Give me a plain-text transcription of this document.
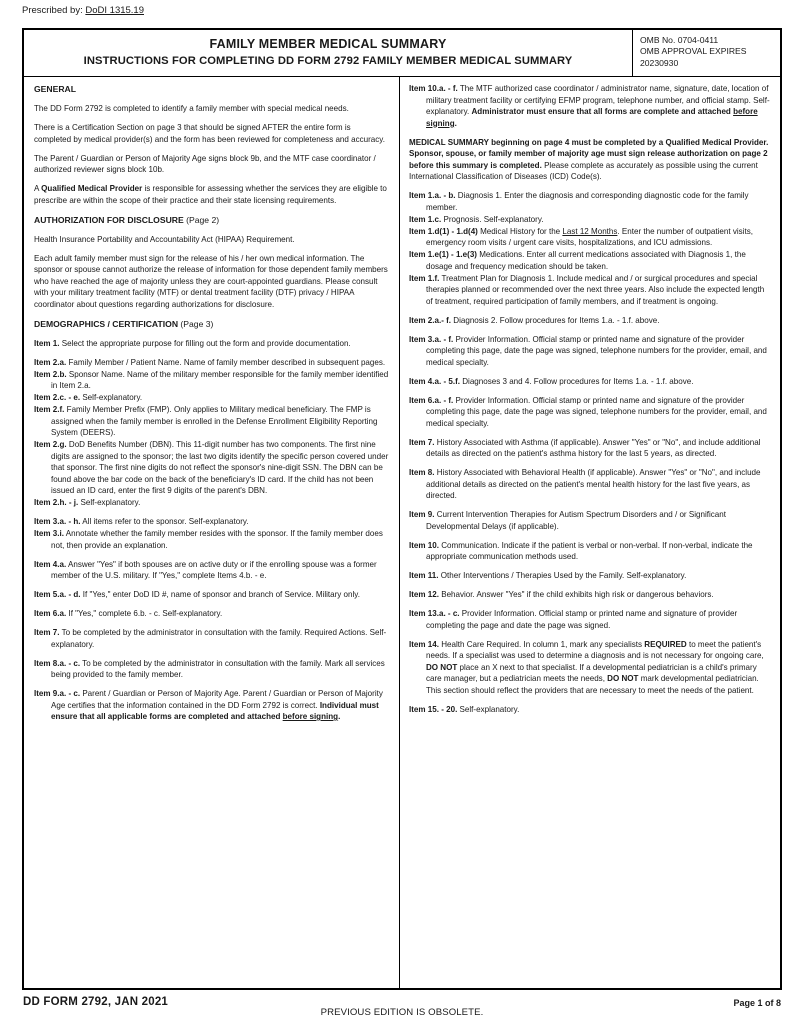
Prescribed by: DoDI 1315.19
FAMILY MEMBER MEDICAL SUMMARY
INSTRUCTIONS FOR COMPLETING DD FORM 2792 FAMILY MEMBER MEDICAL SUMMARY
OMB No. 0704-0411
OMB APPROVAL EXPIRES
20230930
GENERAL

The DD Form 2792 is completed to identify a family member with special medical needs.

There is a Certification Section on page 3 that should be signed AFTER the entire form is completed by medical provider(s) and the form has been reviewed for completeness and accuracy.

The Parent / Guardian or Person of Majority Age signs block 9b, and the MTF case coordinator / authorized reviewer signs block 10b.

A Qualified Medical Provider is responsible for assessing whether the services they are eligible to prescribe are within the scope of their practice and their state licensing requirements.

AUTHORIZATION FOR DISCLOSURE (Page 2)

Health Insurance Portability and Accountability Act (HIPAA) Requirement.

Each adult family member must sign for the release of his / her own medical information. The sponsor or spouse cannot authorize the release of information for those dependent family members who have reached the age of majority unless they are court-appointed guardians. Please consult with your military treatment facility (MTF) or dental treatment facility (DTF) privacy / HIPAA coordinator about questions regarding authorizations for disclosure.

DEMOGRAPHICS / CERTIFICATION (Page 3)

Item 1. Select the appropriate purpose for filling out the form and provide documentation.

Item 2.a. Family Member / Patient Name. Name of family member described in subsequent pages.

Item 2.b. Sponsor Name. Name of the military member responsible for the family member identified in Item 2.a.

Item 2.c. - e. Self-explanatory.

Item 2.f. Family Member Prefix (FMP). Only applies to Military medical beneficiary. The FMP is assigned when the family member is enrolled in the Defense Enrollment Eligibility Reporting System (DEERS).

Item 2.g. DoD Benefits Number (DBN). This 11-digit number has two components. The first nine digits are assigned to the sponsor; the last two digits identify the specific person covered under that sponsor. The first nine digits do not reflect the sponsor's nine-digit SSN. The DBN can be found above the bar code on the back of the beneficiary's ID card. If the child has not been issued an ID card, enter the first 9 digits of the parent's DBN.

Item 2.h. - j. Self-explanatory.

Item 3.a. - h. All items refer to the sponsor. Self-explanatory.

Item 3.i. Annotate whether the family member resides with the sponsor. If the family member does not, then provide an explanation.

Item 4.a. Answer "Yes" if both spouses are on active duty or if the enrolling spouse was a former member of the U.S. military. If "Yes," complete Items 4.b. - e.

Item 5.a. - d. If "Yes," enter DoD ID #, name of sponsor and branch of Service. Military only.

Item 6.a. If "Yes," complete 6.b. - c. Self-explanatory.

Item 7. To be completed by the administrator in consultation with the family. Required Actions. Self-explanatory.

Item 8.a. - c. To be completed by the administrator in consultation with the family. Mark all services being provided to the family member.

Item 9.a. - c. Parent / Guardian or Person of Majority Age. Parent / Guardian or Person of Majority Age certifies that the information contained in the DD Form 2792 is correct. Individual must ensure that all applicable forms are completed and attached before signing.

Item 10.a. - f. The MTF authorized case coordinator / administrator name, signature, date, location of military treatment facility or certifying EFMP program, telephone number, and official stamp. Self-explanatory. Administrator must ensure that all forms are complete and attached before signing.

MEDICAL SUMMARY beginning on page 4 must be completed by a Qualified Medical Provider. Sponsor, spouse, or family member of majority age must sign release authorization on page 2 before this summary is completed. Please complete as accurately as possible using the current International Classification of Diseases (ICD) Code(s).

Item 1.a. - b. Diagnosis 1. Enter the diagnosis and corresponding diagnostic code for the family member.

Item 1.c. Prognosis. Self-explanatory.

Item 1.d(1) - 1.d(4) Medical History for the Last 12 Months. Enter the number of outpatient visits, emergency room visits / urgent care visits, hospitalizations, and ICU admissions.

Item 1.e(1) - 1.e(3) Medications. Enter all current medications associated with Diagnosis 1, the dosage and frequency medication should be taken.

Item 1.f. Treatment Plan for Diagnosis 1. Include medical and / or surgical procedures and special therapies planned or recommended over the next three years. Also include the expected length of treatment, required participation of family members, and if treatment is ongoing.

Item 2.a.- f. Diagnosis 2. Follow procedures for Items 1.a. - 1.f. above.

Item 3.a. - f. Provider Information. Official stamp or printed name and signature of the provider completing this page, date the page was signed, telephone numbers for the provider, email, and medical specialty.

Item 4.a. - 5.f. Diagnoses 3 and 4. Follow procedures for Items 1.a. - 1.f. above.

Item 6.a. - f. Provider Information. Official stamp or printed name and signature of the provider completing this page, date the page was signed, telephone numbers for the provider, email, and medical specialty.

Item 7. History Associated with Asthma (if applicable). Answer "Yes" or "No", and include additional details as directed on the patient's asthma history for the last 5 years, as directed.

Item 8. History Associated with Behavioral Health (if applicable). Answer "Yes" or "No", and include additional details as directed on the patient's mental health history for the last five years, as directed.

Item 9. Current Intervention Therapies for Autism Spectrum Disorders and / or Significant Developmental Delays (if applicable).

Item 10. Communication. Indicate if the patient is verbal or non-verbal. If non-verbal, indicate the appropriate communication methods used.

Item 11. Other Interventions / Therapies Used by the Family. Self-explanatory.

Item 12. Behavior. Answer "Yes" if the child exhibits high risk or dangerous behaviors.

Item 13.a. - c. Provider Information. Official stamp or printed name and signature of provider completing the page and date the page was signed.

Item 14. Health Care Required. In column 1, mark any specialists REQUIRED to meet the patient's needs. If a specialist was used to determine a diagnosis and is not necessary for ongoing care, DO NOT place an X next to that specialist. If a developmental pediatrician is a child's primary care manager, but a pediatrician meets the needs, DO NOT mark developmental pediatrician. This section should reflect the providers that are necessary to meet the needs of the patient.

Item 15. - 20. Self-explanatory.

DD FORM 2792, JAN 2021
PREVIOUS EDITION IS OBSOLETE.
Page 1 of 8
